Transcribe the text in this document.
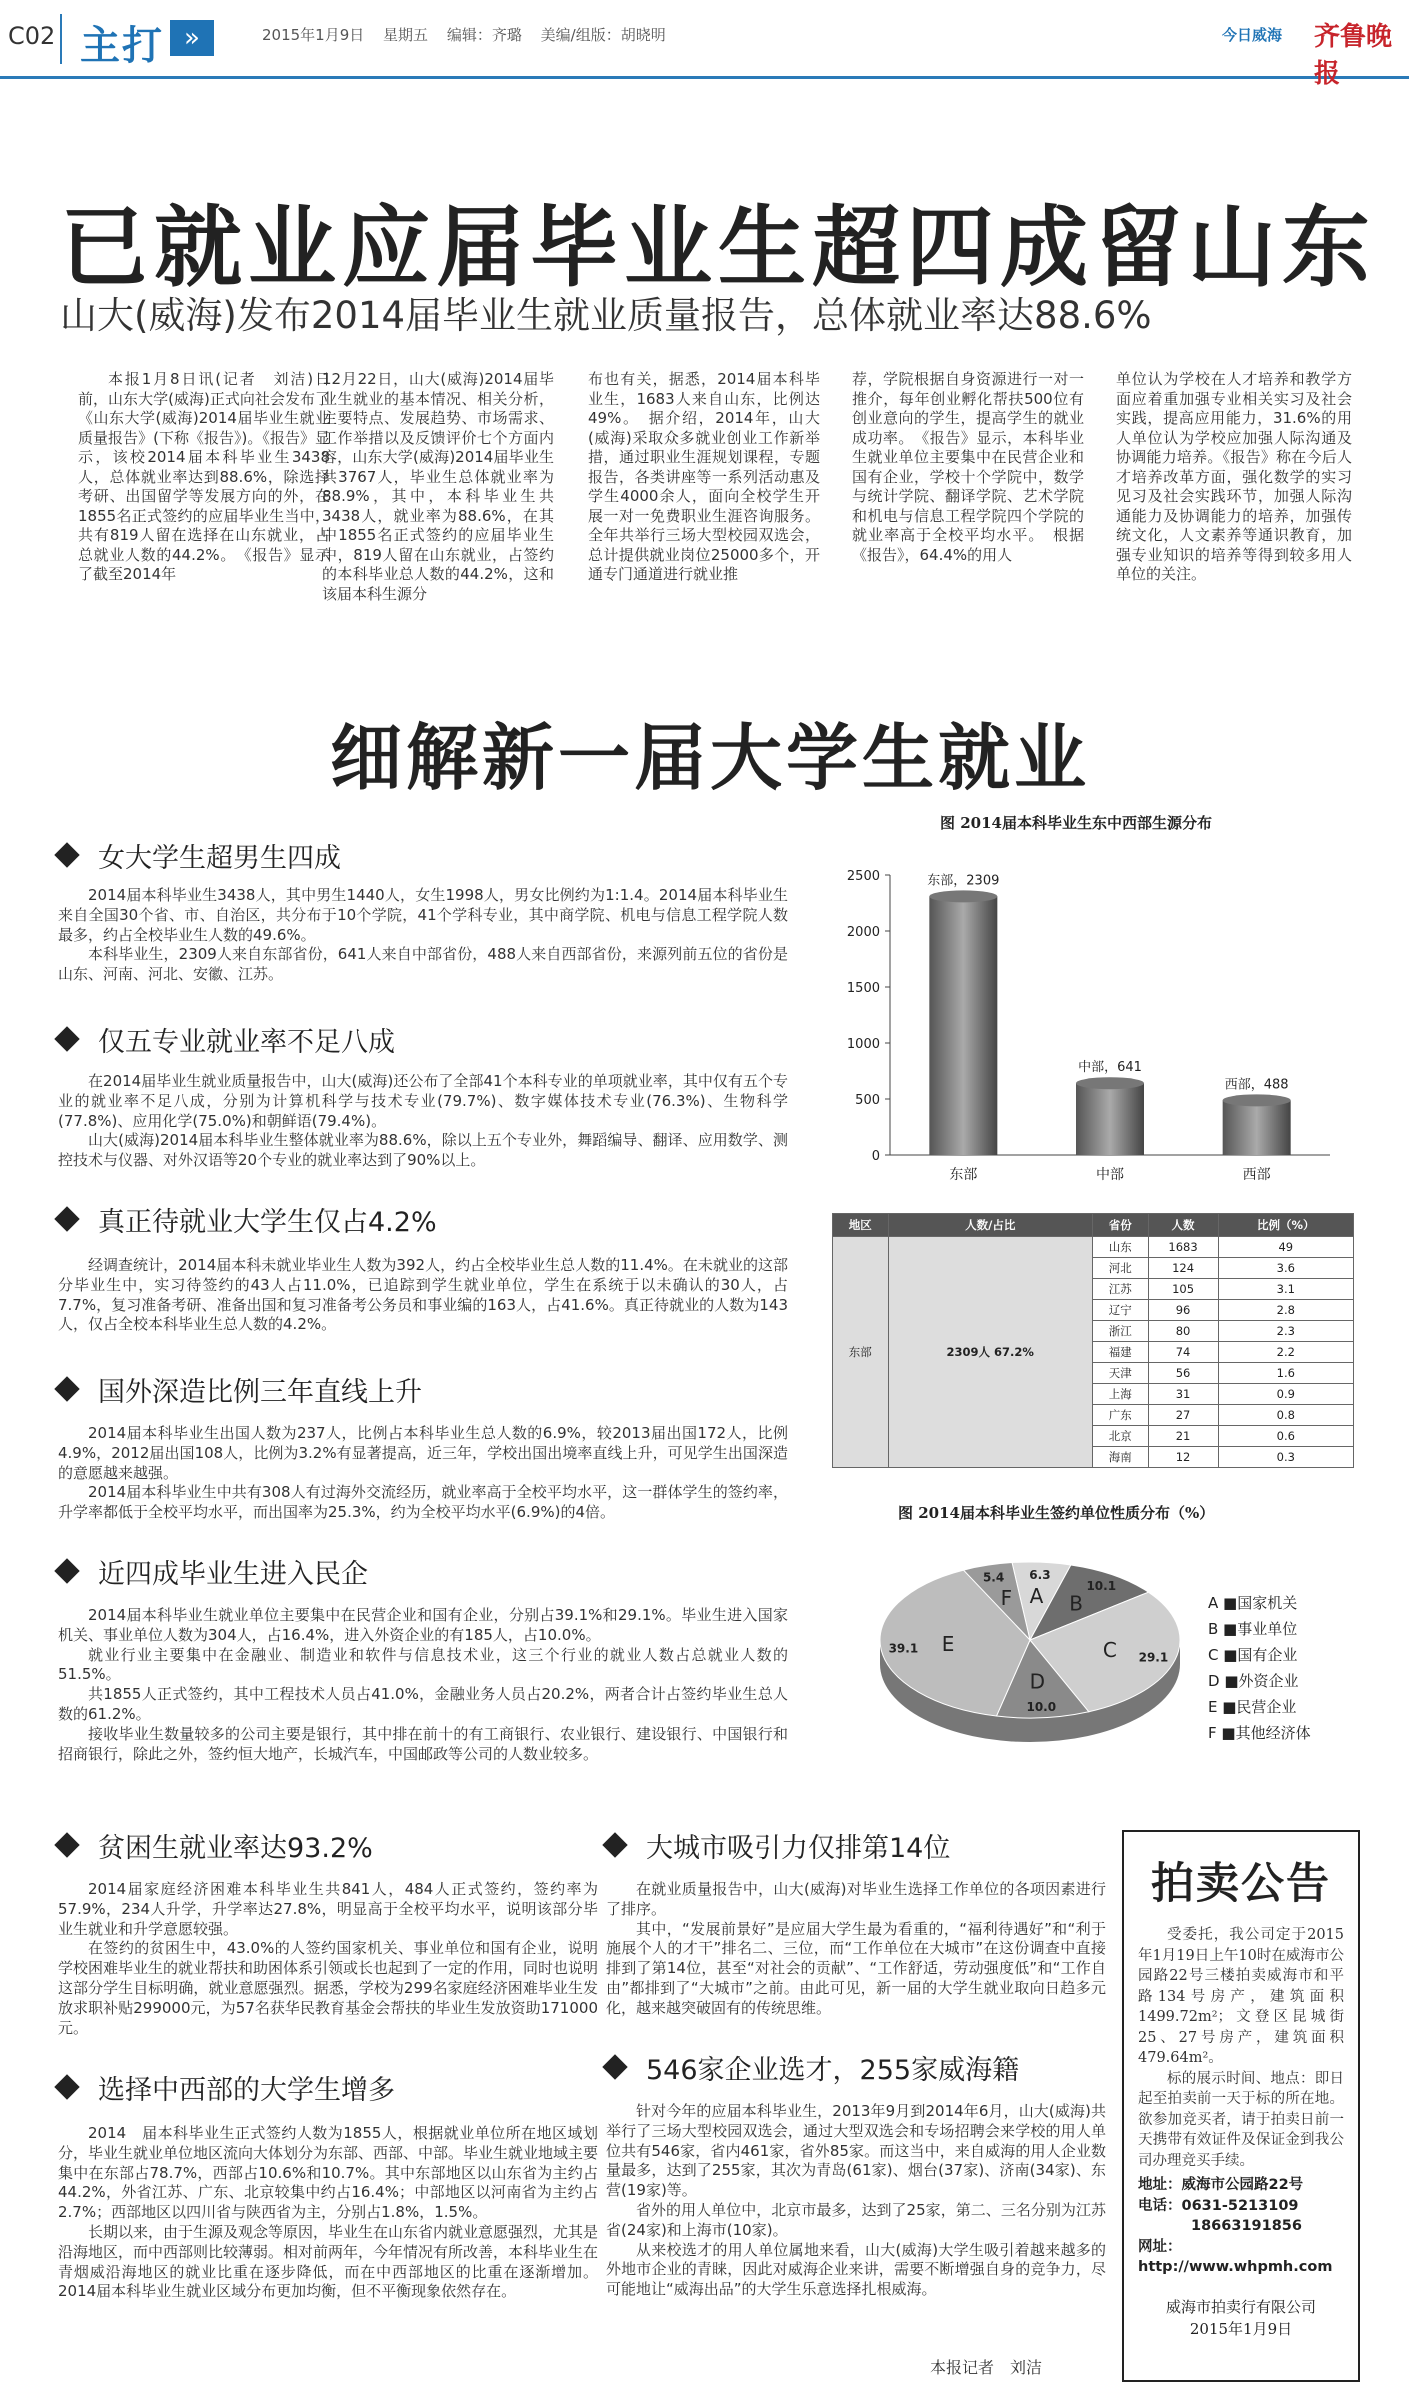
C02 主打 »	2015年1月9日 星期五 编辑：齐璐 美编/组版：胡晓明	今日威海 齐鲁晚报
已就业应届毕业生超四成留山东
山大(威海)发布2014届毕业生就业质量报告，总体就业率达88.6%

本报1月8日讯(记者　刘洁)日前，山东大学(威海)正式向社会发布了《山东大学(威海)2014届毕业生就业质量报告》(下称《报告》)。《报告》显示，该校2014届本科毕业生3438人，总体就业率达到88.6%，除选择考研、出国留学等发展方向的外，在1855名正式签约的应届毕业生当中，共有819人留在选择在山东就业，占总就业人数的44.2%。　《报告》显示了截至2014年

12月22日，山大(威海)2014届毕业生就业的基本情况、相关分析，主要特点、发展趋势、市场需求、工作举措以及反馈评价七个方面内容，山东大学(威海)2014届毕业生共3767人，毕业生总体就业率为88.9%，其中，本科毕业生共3438人，就业率为88.6%，在其中1855名正式签约的应届毕业生中，819人留在山东就业，占签约的本科毕业总人数的44.2%，这和该届本科生源分

布也有关，据悉，2014届本科毕业生，1683人来自山东，比例达49%。　据介绍，2014年，山大(威海)采取众多就业创业工作新举措，通过职业生涯规划课程，专题报告，各类讲座等一系列活动惠及学生4000余人，面向全校学生开展一对一免费职业生涯咨询服务。全年共举行三场大型校园双选会，总计提供就业岗位25000多个，开通专门通道进行就业推

荐，学院根据自身资源进行一对一推介，每年创业孵化帮扶500位有创业意向的学生，提高学生的就业成功率。　《报告》显示，本科毕业生就业单位主要集中在民营企业和国有企业，学校十个学院中，数学与统计学院、翻译学院、艺术学院和机电与信息工程学院四个学院的就业率高于全校平均水平。　根据《报告》，64.4%的用人

单位认为学校在人才培养和教学方面应着重加强专业相关实习及社会实践，提高应用能力，31.6%的用人单位认为学校应加强人际沟通及协调能力培养。《报告》称在今后人才培养改革方面，强化数学的实习见习及社会实践环节，加强人际沟通能力及协调能力的培养，加强传统文化，人文素养等通识教育，加强专业知识的培养等得到较多用人单位的关注。

细解新一届大学生就业
女大学生超男生四成

2014届本科毕业生3438人，其中男生1440人，女生1998人，男女比例约为1:1.4。2014届本科毕业生来自全国30个省、市、自治区，共分布于10个学院，41个学科专业，其中商学院、机电与信息工程学院人数最多，约占全校毕业生人数的49.6%。

本科毕业生，2309人来自东部省份，641人来自中部省份，488人来自西部省份，来源列前五位的省份是山东、河南、河北、安徽、江苏。

仅五专业就业率不足八成

在2014届毕业生就业质量报告中，山大(威海)还公布了全部41个本科专业的单项就业率，其中仅有五个专业的就业率不足八成，分别为计算机科学与技术专业(79.7%)、数字媒体技术专业(76.3%)、生物科学(77.8%)、应用化学(75.0%)和朝鲜语(79.4%)。

山大(威海)2014届本科毕业生整体就业率为88.6%，除以上五个专业外，舞蹈编导、翻译、应用数学、测控技术与仪器、对外汉语等20个专业的就业率达到了90%以上。

真正待就业大学生仅占4.2%

经调查统计，2014届本科未就业毕业生人数为392人，约占全校毕业生总人数的11.4%。在未就业的这部分毕业生中，实习待签约的43人占11.0%，已追踪到学生就业单位，学生在系统于以未确认的30人，占7.7%，复习准备考研、准备出国和复习准备考公务员和事业编的163人，占41.6%。真正待就业的人数为143人，仅占全校本科毕业生总人数的4.2%。

国外深造比例三年直线上升

2014届本科毕业生出国人数为237人，比例占本科毕业生总人数的6.9%，较2013届出国172人，比例4.9%，2012届出国108人，比例为3.2%有显著提高，近三年，学校出国出境率直线上升，可见学生出国深造的意愿越来越强。

2014届本科毕业生中共有308人有过海外交流经历，就业率高于全校平均水平，这一群体学生的签约率，升学率都低于全校平均水平，而出国率为25.3%，约为全校平均水平(6.9%)的4倍。

近四成毕业生进入民企

2014届本科毕业生就业单位主要集中在民营企业和国有企业，分别占39.1%和29.1%。毕业生进入国家机关、事业单位人数为304人，占16.4%，进入外资企业的有185人，占10.0%。

就业行业主要集中在金融业、制造业和软件与信息技术业，这三个行业的就业人数占总就业人数的51.5%。

共1855人正式签约，其中工程技术人员占41.0%，金融业务人员占20.2%，两者合计占签约毕业生总人数的61.2%。

接收毕业生数量较多的公司主要是银行，其中排在前十的有工商银行、农业银行、建设银行、中国银行和招商银行，除此之外，签约恒大地产，长城汽车，中国邮政等公司的人数业较多。

图 2014届本科毕业生东中西部生源分布
0
500
1000
1500
2000
2500	东部，2309
东部
中部，641
中部
西部，488
西部
地区	人数/占比	省份	人数	比例（%）
东部	2309人 67.2%	山东	1683	49
		河北	124	3.6
		江苏	105	3.1
		辽宁	96	2.8
		浙江	80	2.3
		福建	74	2.2
		天津	56	1.6
		上海	31	0.9
		广东	27	0.8
		北京	21	0.6
		海南	12	0.3
图 2014届本科毕业生签约单位性质分布（%）
A
6.3
B
10.1
C 29.1
D
10.0
E
39.1
F
5.4
A ■国家机关
B ■事业单位
C ■国有企业
D ■外资企业
E ■民营企业
F ■其他经济体
贫困生就业率达93.2%

2014届家庭经济困难本科毕业生共841人，484人正式签约，签约率为57.9%，234人升学，升学率达27.8%，明显高于全校平均水平，说明该部分毕业生就业和升学意愿较强。

在签约的贫困生中，43.0%的人签约国家机关、事业单位和国有企业，说明学校困难毕业生的就业帮扶和助困体系引领或长也起到了一定的作用，同时也说明这部分学生目标明确，就业意愿强烈。据悉，学校为299名家庭经济困难毕业生发放求职补贴299000元，为57名获华民教育基金会帮扶的毕业生发放资助171000元。

选择中西部的大学生增多

2014　届本科毕业生正式签约人数为1855人，根据就业单位所在地区域划分，毕业生就业单位地区流向大体划分为东部、西部、中部。毕业生就业地域主要集中在东部占78.7%，西部占10.6%和10.7%。其中东部地区以山东省为主约占44.2%，外省江苏、广东、北京较集中约占16.4%；中部地区以河南省为主约占2.7%；西部地区以四川省与陕西省为主，分别占1.8%，1.5%。

长期以来，由于生源及观念等原因，毕业生在山东省内就业意愿强烈，尤其是沿海地区，而中西部则比较薄弱。相对前两年，今年情况有所改善，本科毕业生在青烟威沿海地区的就业比重在逐步降低，而在中西部地区的比重在逐渐增加。2014届本科毕业生就业区域分布更加均衡，但不平衡现象依然存在。

大城市吸引力仅排第14位

在就业质量报告中，山大(威海)对毕业生选择工作单位的各项因素进行了排序。

其中，“发展前景好”是应届大学生最为看重的，“福利待遇好”和“利于施展个人的才干”排名二、三位，而“工作单位在大城市”在这份调查中直接排到了第14位，甚至“对社会的贡献”、“工作舒适，劳动强度低”和“工作自由”都排到了“大城市”之前。由此可见，新一届的大学生就业取向日趋多元化，越来越突破固有的传统思维。

546家企业选才，255家威海籍

针对今年的应届本科毕业生，2013年9月到2014年6月，山大(威海)共举行了三场大型校园双选会，通过大型双选会和专场招聘会来学校的用人单位共有546家，省内461家，省外85家。而这当中，来自威海的用人企业数量最多，达到了255家，其次为青岛(61家)、烟台(37家)、济南(34家)、东营(19家)等。

省外的用人单位中，北京市最多，达到了25家，第二、三名分别为江苏省(24家)和上海市(10家)。

从来校选才的用人单位属地来看，山大(威海)大学生吸引着越来越多的外地市企业的青睐，因此对威海企业来讲，需要不断增强自身的竞争力，尽可能地让“威海出品”的大学生乐意选择扎根威海。

本报记者　刘洁
拍卖公告

受委托，我公司定于2015年1月19日上午10时在威海市公园路22号三楼拍卖威海市和平路134号房产，建筑面积1499.72m²；文登区昆城街25、27号房产，建筑面积479.64m²。

标的展示时间、地点：即日起至拍卖前一天于标的所在地。欲参加竞买者，请于拍卖日前一天携带有效证件及保证金到我公司办理竞买手续。

地址：威海市公园路22号
电话：0631-5213109
18663191856
网址：http://www.whpmh.com
威海市拍卖行有限公司
2015年1月9日
